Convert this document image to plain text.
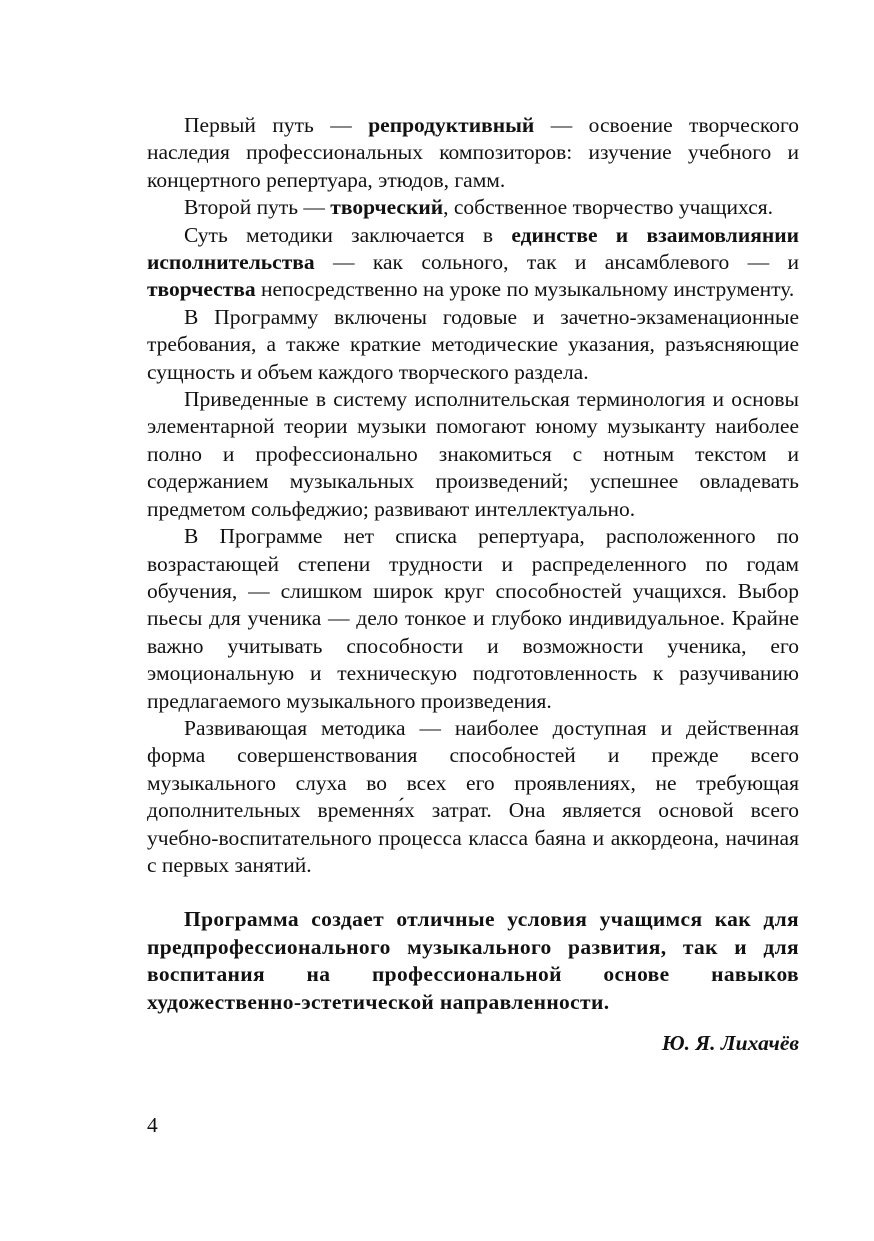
Первый путь — репродуктивный — освоение творческого наследия профессиональных композиторов: изучение учебного и концертного репертуара, этюдов, гамм.

Второй путь — творческий, собственное творчество учащихся.

Суть методики заключается в единстве и взаимовлиянии исполнительства — как сольного, так и ансамблевого — и творчества непосредственно на уроке по музыкальному инструменту.

В Программу включены годовые и зачетно-экзаменационные требования, а также краткие методические указания, разъясняющие сущность и объем каждого творческого раздела.

Приведенные в систему исполнительская терминология и основы элементарной теории музыки помогают юному музыканту наиболее полно и профессионально знакомиться с нотным текстом и содержанием музыкальных произведений; успешнее овладевать предметом сольфеджио; развивают интеллектуально.

В Программе нет списка репертуара, расположенного по возрастающей степени трудности и распределенного по годам обучения, — слишком широк круг способностей учащихся. Выбор пьесы для ученика — дело тонкое и глубоко индивидуальное. Крайне важно учитывать способности и возможности ученика, его эмоциональную и техническую подготовленность к разучиванию предлагаемого музыкального произведения.

Развивающая методика — наиболее доступная и действенная форма совершенствования способностей и прежде всего музыкального слуха во всех его проявлениях, не требующая дополнительных времення́х затрат. Она является основой всего учебно-воспитательного процесса класса баяна и аккордеона, начиная с первых занятий.

Программа создает отличные условия учащимся как для предпрофессионального музыкального развития, так и для воспитания на профессиональной основе навыков художественно-эстетической направленности.

Ю. Я. Лихачёв

4
